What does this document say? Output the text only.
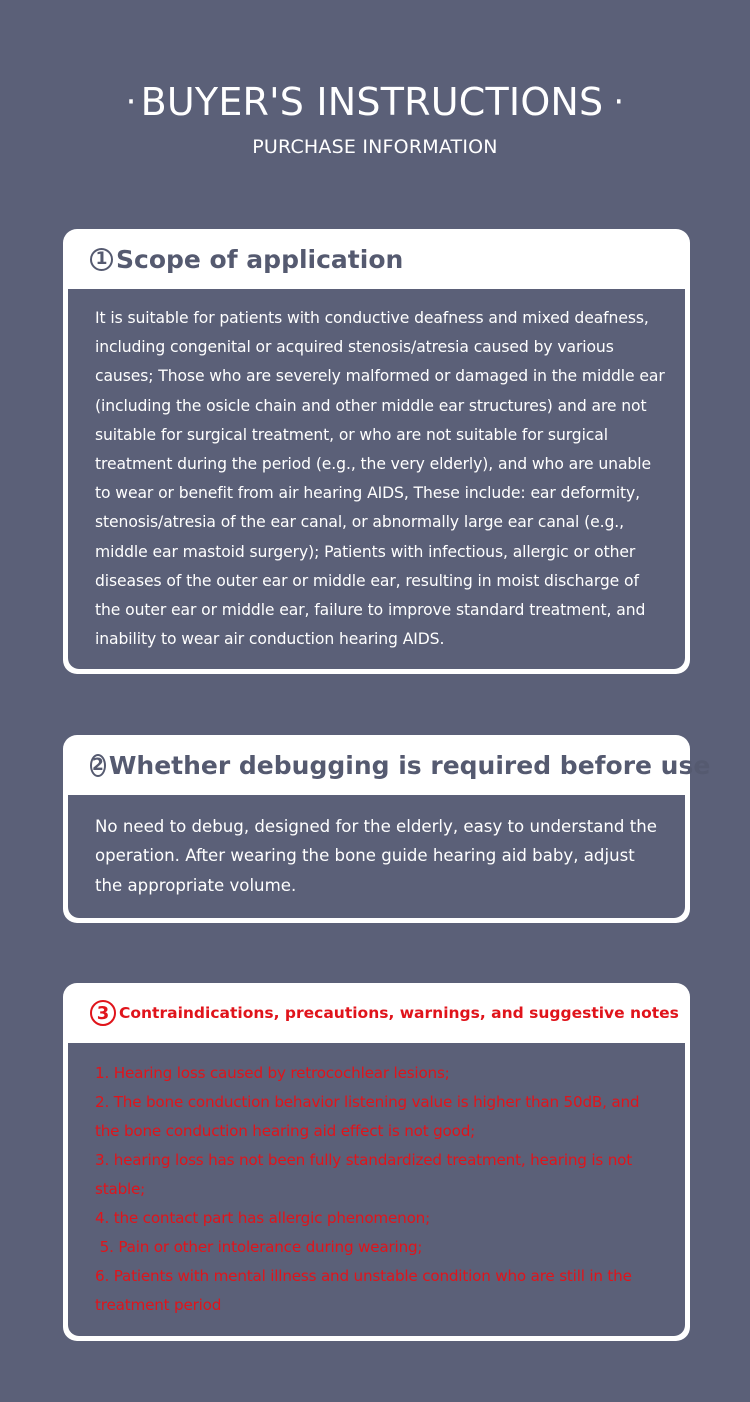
· BUYER'S INSTRUCTIONS ·
PURCHASE INFORMATION
1 Scope of application

It is suitable for patients with conductive deafness and mixed deafness, including congenital or acquired stenosis/atresia caused by various causes; Those who are severely malformed or damaged in the middle ear (including the osicle chain and other middle ear structures) and are not suitable for surgical treatment, or who are not suitable for surgical treatment during the period (e.g., the very elderly), and who are unable to wear or benefit from air hearing AIDS, These include: ear deformity, stenosis/atresia of the ear canal, or abnormally large ear canal (e.g., middle ear mastoid surgery); Patients with infectious, allergic or other diseases of the outer ear or middle ear, resulting in moist discharge of the outer ear or middle ear, failure to improve standard treatment, and inability to wear air conduction hearing AIDS.

2 Whether debugging is required before use

No need to debug, designed for the elderly, easy to understand the operation. After wearing the bone guide hearing aid baby, adjust the appropriate volume.

3 Contraindications, precautions, warnings, and suggestive notes
1. Hearing loss caused by retrocochlear lesions;
2. The bone conduction behavior listening value is higher than 50dB, and the bone conduction hearing aid effect is not good;
3. hearing loss has not been fully standardized treatment, hearing is not stable;
4. the contact part has allergic phenomenon;
5. Pain or other intolerance during wearing;
6. Patients with mental illness and unstable condition who are still in the treatment period
